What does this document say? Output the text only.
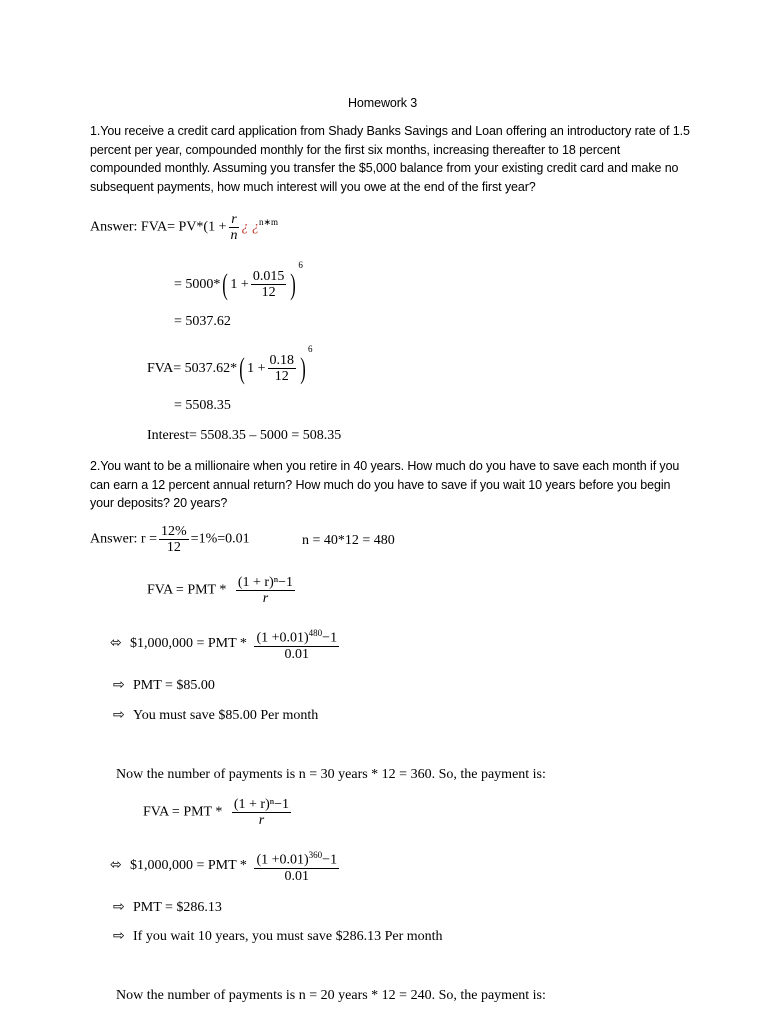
Homework 3
1.You receive a credit card application from Shady Banks Savings and Loan offering an introductory rate of 1.5 percent per year, compounded monthly for the first six months, increasing thereafter to 18 percent compounded monthly. Assuming you transfer the $5,000 balance from your existing credit card and make no subsequent payments, how much interest will you owe at the end of the first year?
Answer: $FVA= PV*(1 + \frac{r}{n}$ ¿ ¿$^{n∗m}$
= 5000*( $1 + \frac{0.015}{12} )^6$
= 5037.62
FVA= 5037.62*( $1 + \frac{0.18}{12} )^6$
= 5508.35
Interest= 5508.35 – 5000 = 508.35
2.You want to be a millionaire when you retire in 40 years. How much do you have to save each month if you can earn a 12 percent annual return? How much do you have to save if you wait 10 years before you begin your deposits? 20 years?
Answer: $r = \frac{12\%}{12} =1\%=0.01$	n = 40*12 = 480
FVA = PMT * $\frac{\text{(1 + r)ⁿ−1}}{r}$
⬄ $1,000,000 = PMT * $\frac{(1 +0.01)^{480}-1}{0.01}$
⇨ PMT = $85.00
⇨ You must save $85.00 Per month
Now the number of payments is n = 30 years * 12 = 360. So, the payment is:
FVA = PMT * $\frac{\text{(1 + r)ⁿ−1}}{r}$
⬄ $1,000,000 = PMT * $\frac{(1 +0.01)^{360}-1}{0.01}$
⇨ PMT = $286.13
⇨ If you wait 10 years, you must save $286.13 Per month
Now the number of payments is n = 20 years * 12 = 240. So, the payment is:
